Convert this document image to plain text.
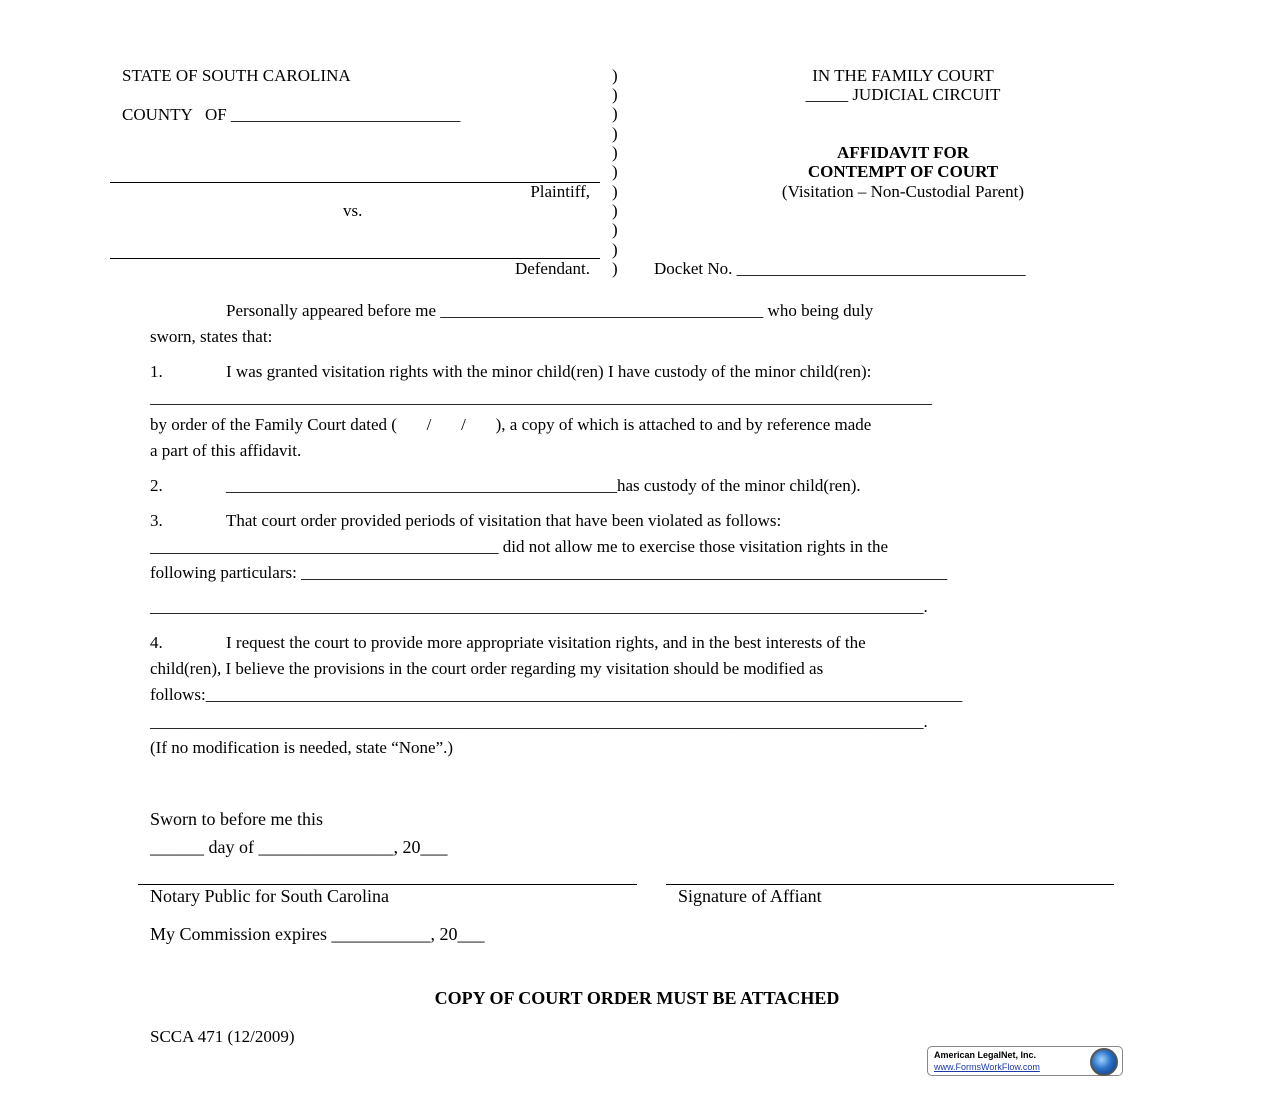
STATE OF SOUTH CAROLINA
COUNTY   OF ___________________________
Plaintiff,
vs.
Defendant.
)
)
)
)
)
)
)
)
)
)
)
IN THE FAMILY COURT
_____ JUDICIAL CIRCUIT
AFFIDAVIT FOR
CONTEMPT OF COURT
(Visitation – Non-Custodial Parent)
Docket No. __________________________________
Personally appeared before me ______________________________________ who being duly
sworn, states that:
1.	I was granted visitation rights with the minor child(ren) I have custody of the minor child(ren):
____________________________________________________________________________________________
by order of the Family Court dated (       /       /       ), a copy of which is attached to and by reference made
a part of this affidavit.
2.	______________________________________________has custody of the minor child(ren).
3.	That court order provided periods of visitation that have been violated as follows:
_________________________________________ did not allow me to exercise those visitation rights in the
following particulars: ____________________________________________________________________________
___________________________________________________________________________________________.
4.	I request the court to provide more appropriate visitation rights, and in the best interests of the
child(ren), I believe the provisions in the court order regarding my visitation should be modified as
follows:_________________________________________________________________________________________
___________________________________________________________________________________________.
(If no modification is needed, state “None”.)
Sworn to before me this
______ day of _______________, 20___
Notary Public for South Carolina	Signature of Affiant
My Commission expires ___________, 20___
COPY OF COURT ORDER MUST BE ATTACHED
SCCA 471 (12/2009)
American LegalNet, Inc.
www.FormsWorkFlow.com
